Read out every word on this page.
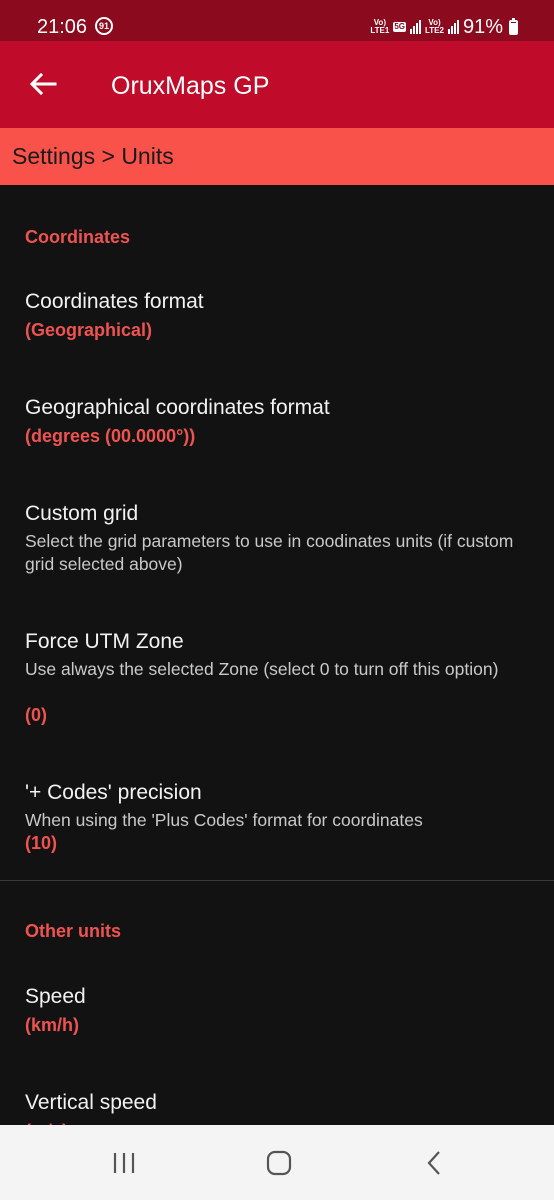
21:06	91	Vo)
LTE1 5G	Vo)
LTE2 91%
OruxMaps GP
Settings > Units
Coordinates
Coordinates format
(Geographical)
Geographical coordinates format
(degrees (00.0000°))
Custom grid
Select the grid parameters to use in coodinates units (if custom grid selected above)
Force UTM Zone
Use always the selected Zone (select 0 to turn off this option)
(0)
'+ Codes' precision
When using the 'Plus Codes' format for coordinates
(10)
Other units
Speed
(km/h)
Vertical speed
